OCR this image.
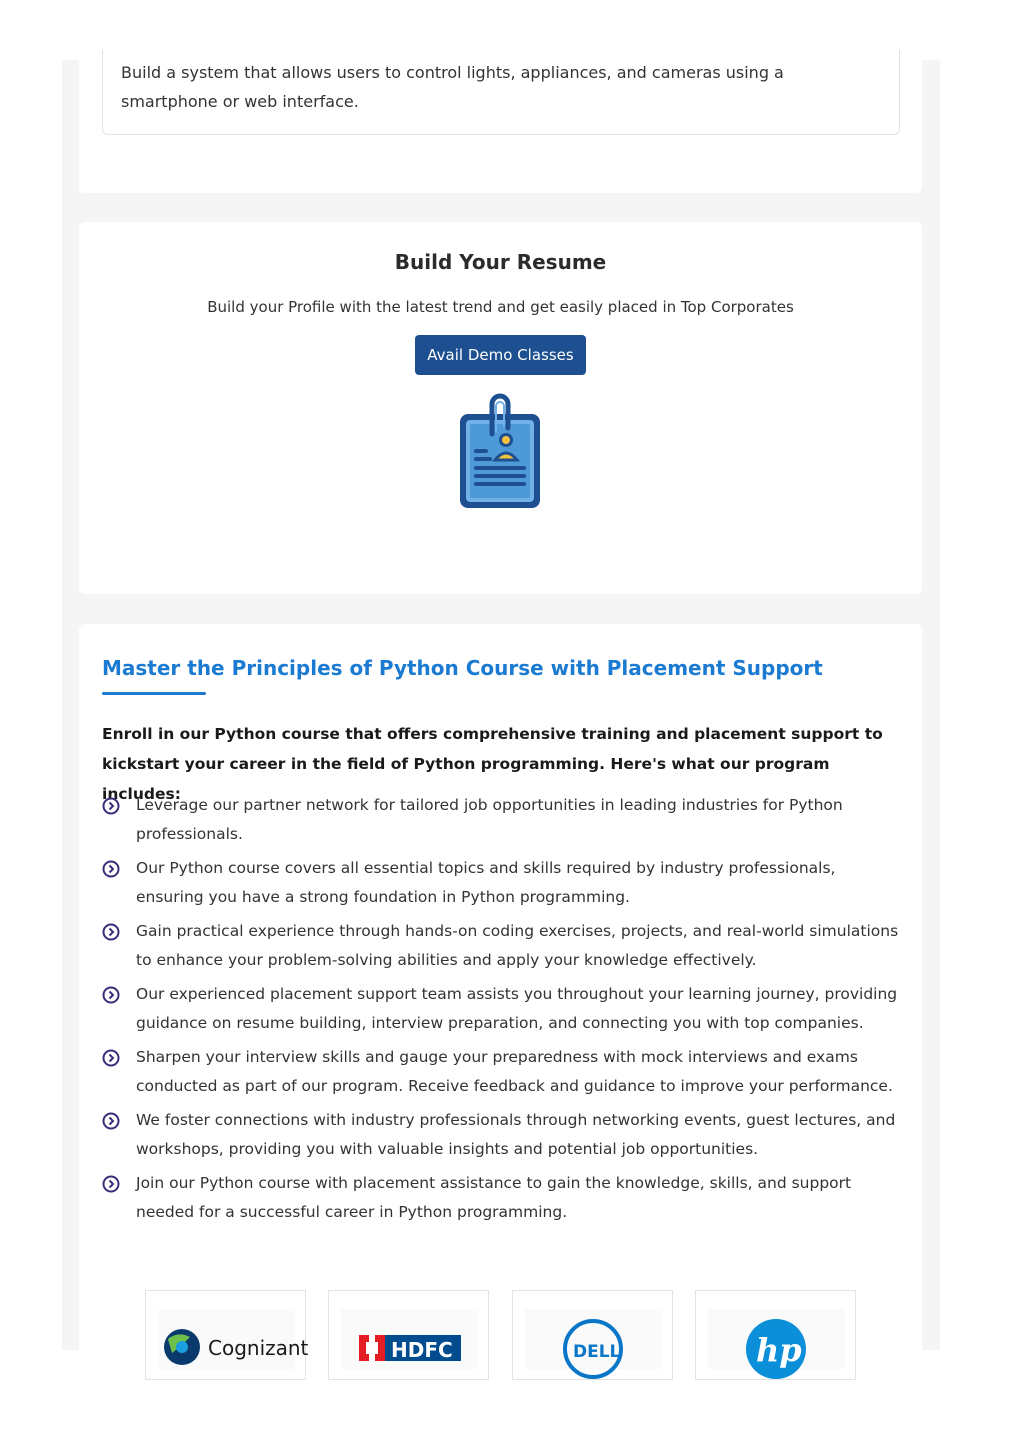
Build a system that allows users to control lights, appliances, and cameras using a smartphone or web interface.

Build Your Resume

Build your Profile with the latest trend and get easily placed in Top Corporates

Avail Demo Classes
Master the Principles of Python Course with Placement Support

Enroll in our Python course that offers comprehensive training and placement support to kickstart your career in the field of Python programming. Here's what our program includes:

Leverage our partner network for tailored job opportunities in leading industries for Python professionals.
Our Python course covers all essential topics and skills required by industry professionals, ensuring you have a strong foundation in Python programming.
Gain practical experience through hands-on coding exercises, projects, and real-world simulations to enhance your problem-solving abilities and apply your knowledge effectively.
Our experienced placement support team assists you throughout your learning journey, providing guidance on resume building, interview preparation, and connecting you with top companies.
Sharpen your interview skills and gauge your preparedness with mock interviews and exams conducted as part of our program. Receive feedback and guidance to improve your performance.
We foster connections with industry professionals through networking events, guest lectures, and workshops, providing you with valuable insights and potential job opportunities.
Join our Python course with placement assistance to gain the knowledge, skills, and support needed for a successful career in Python programming.
Cognizant	HDFC	DELL	hp
